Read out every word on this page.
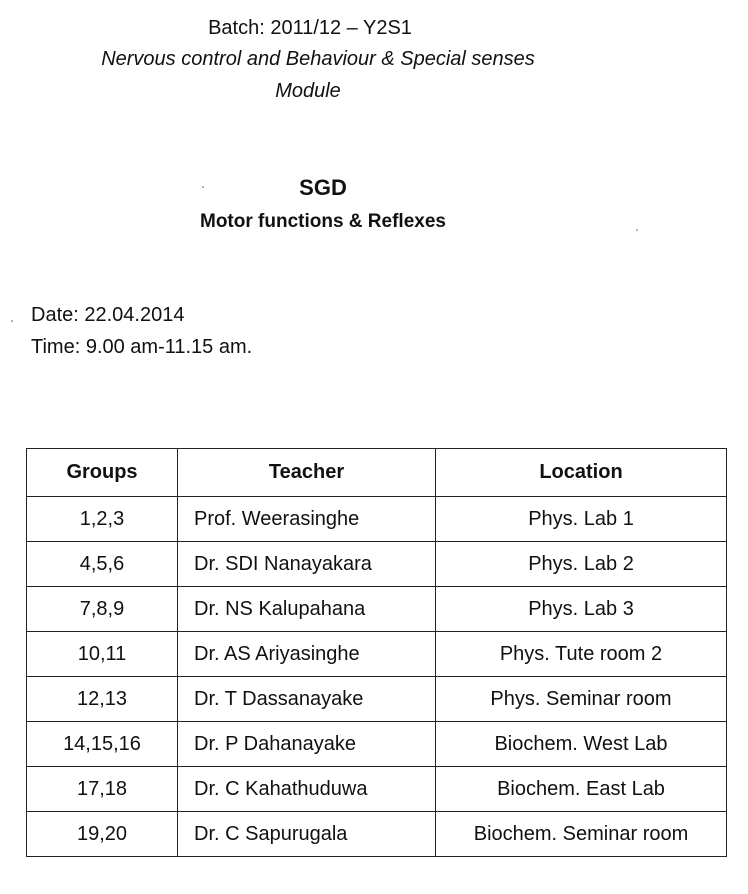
Batch: 2011/12 – Y2S1
Nervous control and Behaviour & Special senses
Module
SGD
Motor functions & Reflexes
Date: 22.04.2014
Time: 9.00 am-11.15 am.
Groups	Teacher	Location
1,2,3	Prof. Weerasinghe	Phys. Lab 1
4,5,6	Dr. SDI Nanayakara	Phys. Lab 2
7,8,9	Dr. NS Kalupahana	Phys. Lab 3
10,11	Dr. AS Ariyasinghe	Phys. Tute room 2
12,13	Dr. T Dassanayake	Phys. Seminar room
14,15,16	Dr. P Dahanayake	Biochem. West Lab
17,18	Dr. C Kahathuduwa	Biochem. East Lab
19,20	Dr. C Sapurugala	Biochem. Seminar room
